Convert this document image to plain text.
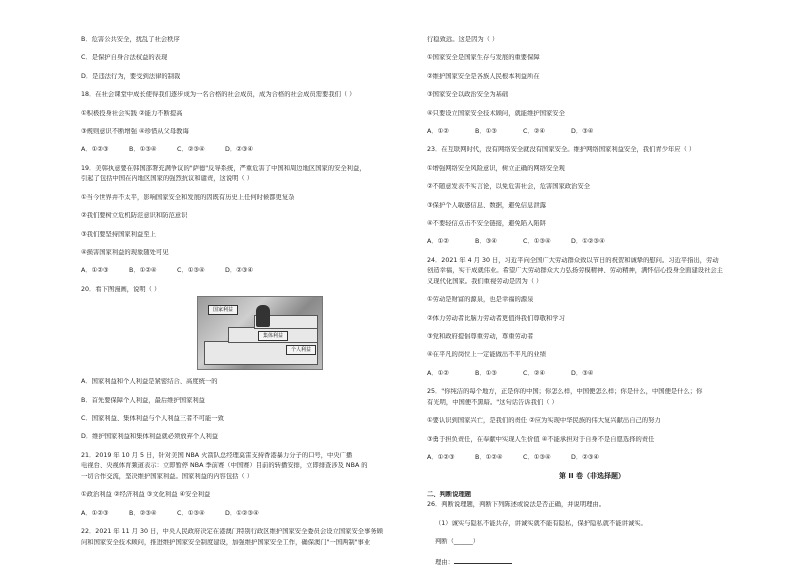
B．危害公共安全，扰乱了社会秩序
C．是保护自身合法权益的表现
D．是违法行为，要受到法律的制裁
18．在社会课堂中成长使得我们逐步成为一名合格的社会成员，成为合格的社会成员需要我们（ ）
①积极投身社会实践 ②能力不断提高
③规则意识不断增强 ④珍惜从父母教诲
A．①②③	B．①③④	C．②③④	D．②③④
19．美韩执意要在韩国部署充满争议的"萨德"反导系统，严重危害了中国和周边地区国家的安全利益，
引起了包括中国在内地区国家的强烈抗议和谴责，这说明（ ）
①当今世界并不太平，影响国家安全和发展的因既有历史上任何时候都更复杂
②我们要树立危机防范意识和防范意识
③我们要坚持国家利益至上
④损害国家利益的现象随处可见
A．①②③	B．①②④	C．①③④	D．②③④
20．看下图漫画，说明（ ）
国家利益
集体利益
个人利益
A．国家利益和个人利益是紧密结合、高度统一的
B．首先要保障个人利益，最后维护国家利益
C．国家利益、集体利益与个人利益三者不可能一致
D．维护国家利益和集体利益就必须放弃个人利益
21．2019 年 10 月 5 日，针对美国 NBA 火箭队总经理莫雷支持香港暴力分子的口号，中央广播
电视台、央视体育频道表示：立即暂停 NBA 季前赛（中国赛）目前的转播安排，立即排查涉及 NBA 的
一切合作交流，坚决维护国家利益。国家利益的内容包括（ ）
①政治利益 ②经济利益 ③文化利益 ④安全利益
A．①②③	B．②③④	C．①③④	D．①②③④
22．2021 年 11 月 30 日，中央人民政府决定在港澳门特别行政区维护国家安全委员会设立国家安全事务顾
问和国家安全技术顾问，推进维护国家安全制度建设，加强维护国家安全工作，确保澳门"一国两制"事业
行稳致远。这是因为（ ）
①国家安全是国家生存与发展的重要保障
②维护国家安全是各族人民根本利益所在
③国家安全以政治安全为基础
④只要设立国家安全技术顾问，就能维护国家安全
A．①②	B．①③	C．②④	D．③④
23．在互联网时代，没有网络安全就没有国家安全。维护网络国家利益安全，我们青少年应（ ）
①增强网络安全风险意识，树立正确的网络安全观
②不随意发表不实言论，以免危害社会，危害国家政治安全
③保护个人敏感信息、数据，避免信息泄露
④不要轻信点击不安全链接，避免陷入陷阱
A．①②	B．③④	C．①③④	D．①②③④
24．2021 年 4 月 30 日，习近平向全国广大劳动群众致以节日的祝贺和诚挚的慰问。习近平指出，劳动
创造幸福，实干成就伟业。希望广大劳动群众大力弘扬劳模精神、劳动精神，满怀信心投身全面建设社会主
义现代化国家。我们重视劳动是因为（ ）
①劳动是财富的源泉，也是幸福的源泉
②体力劳动者比脑力劳动者更值得我们尊敬和学习
③党和政府提倡尊重劳动，尊重劳动者
④在平凡的岗位上一定能做出不平凡的业绩
A．①②	B．①③	C．②④	D．③④
25．"你纯洁的每个地方，正是你的中国；你怎么样，中国便怎么样；你是什么，中国便是什么；你
有光明，中国便不黑暗。"这句话告诉我们（ ）
①要认识到国家兴亡，是我们的责任 ②应为实现中华民族的伟大复兴献出自己的努力
③勇于担负责任，在奉献中实现人生价值 ④不能承担对于自身不是自愿选择的责任
A．①②③	B．①②④	C．①③④	D．②③④
第 II 卷（非选择题）
二、判断说理题
26．判断说理题，判断下列陈述或说法是否正确，并说明理由。
（1）诚实与隐私不能共存，讲诚实就不能有隐私，保护隐私就不能讲诚实。
判断（______）
理由：
